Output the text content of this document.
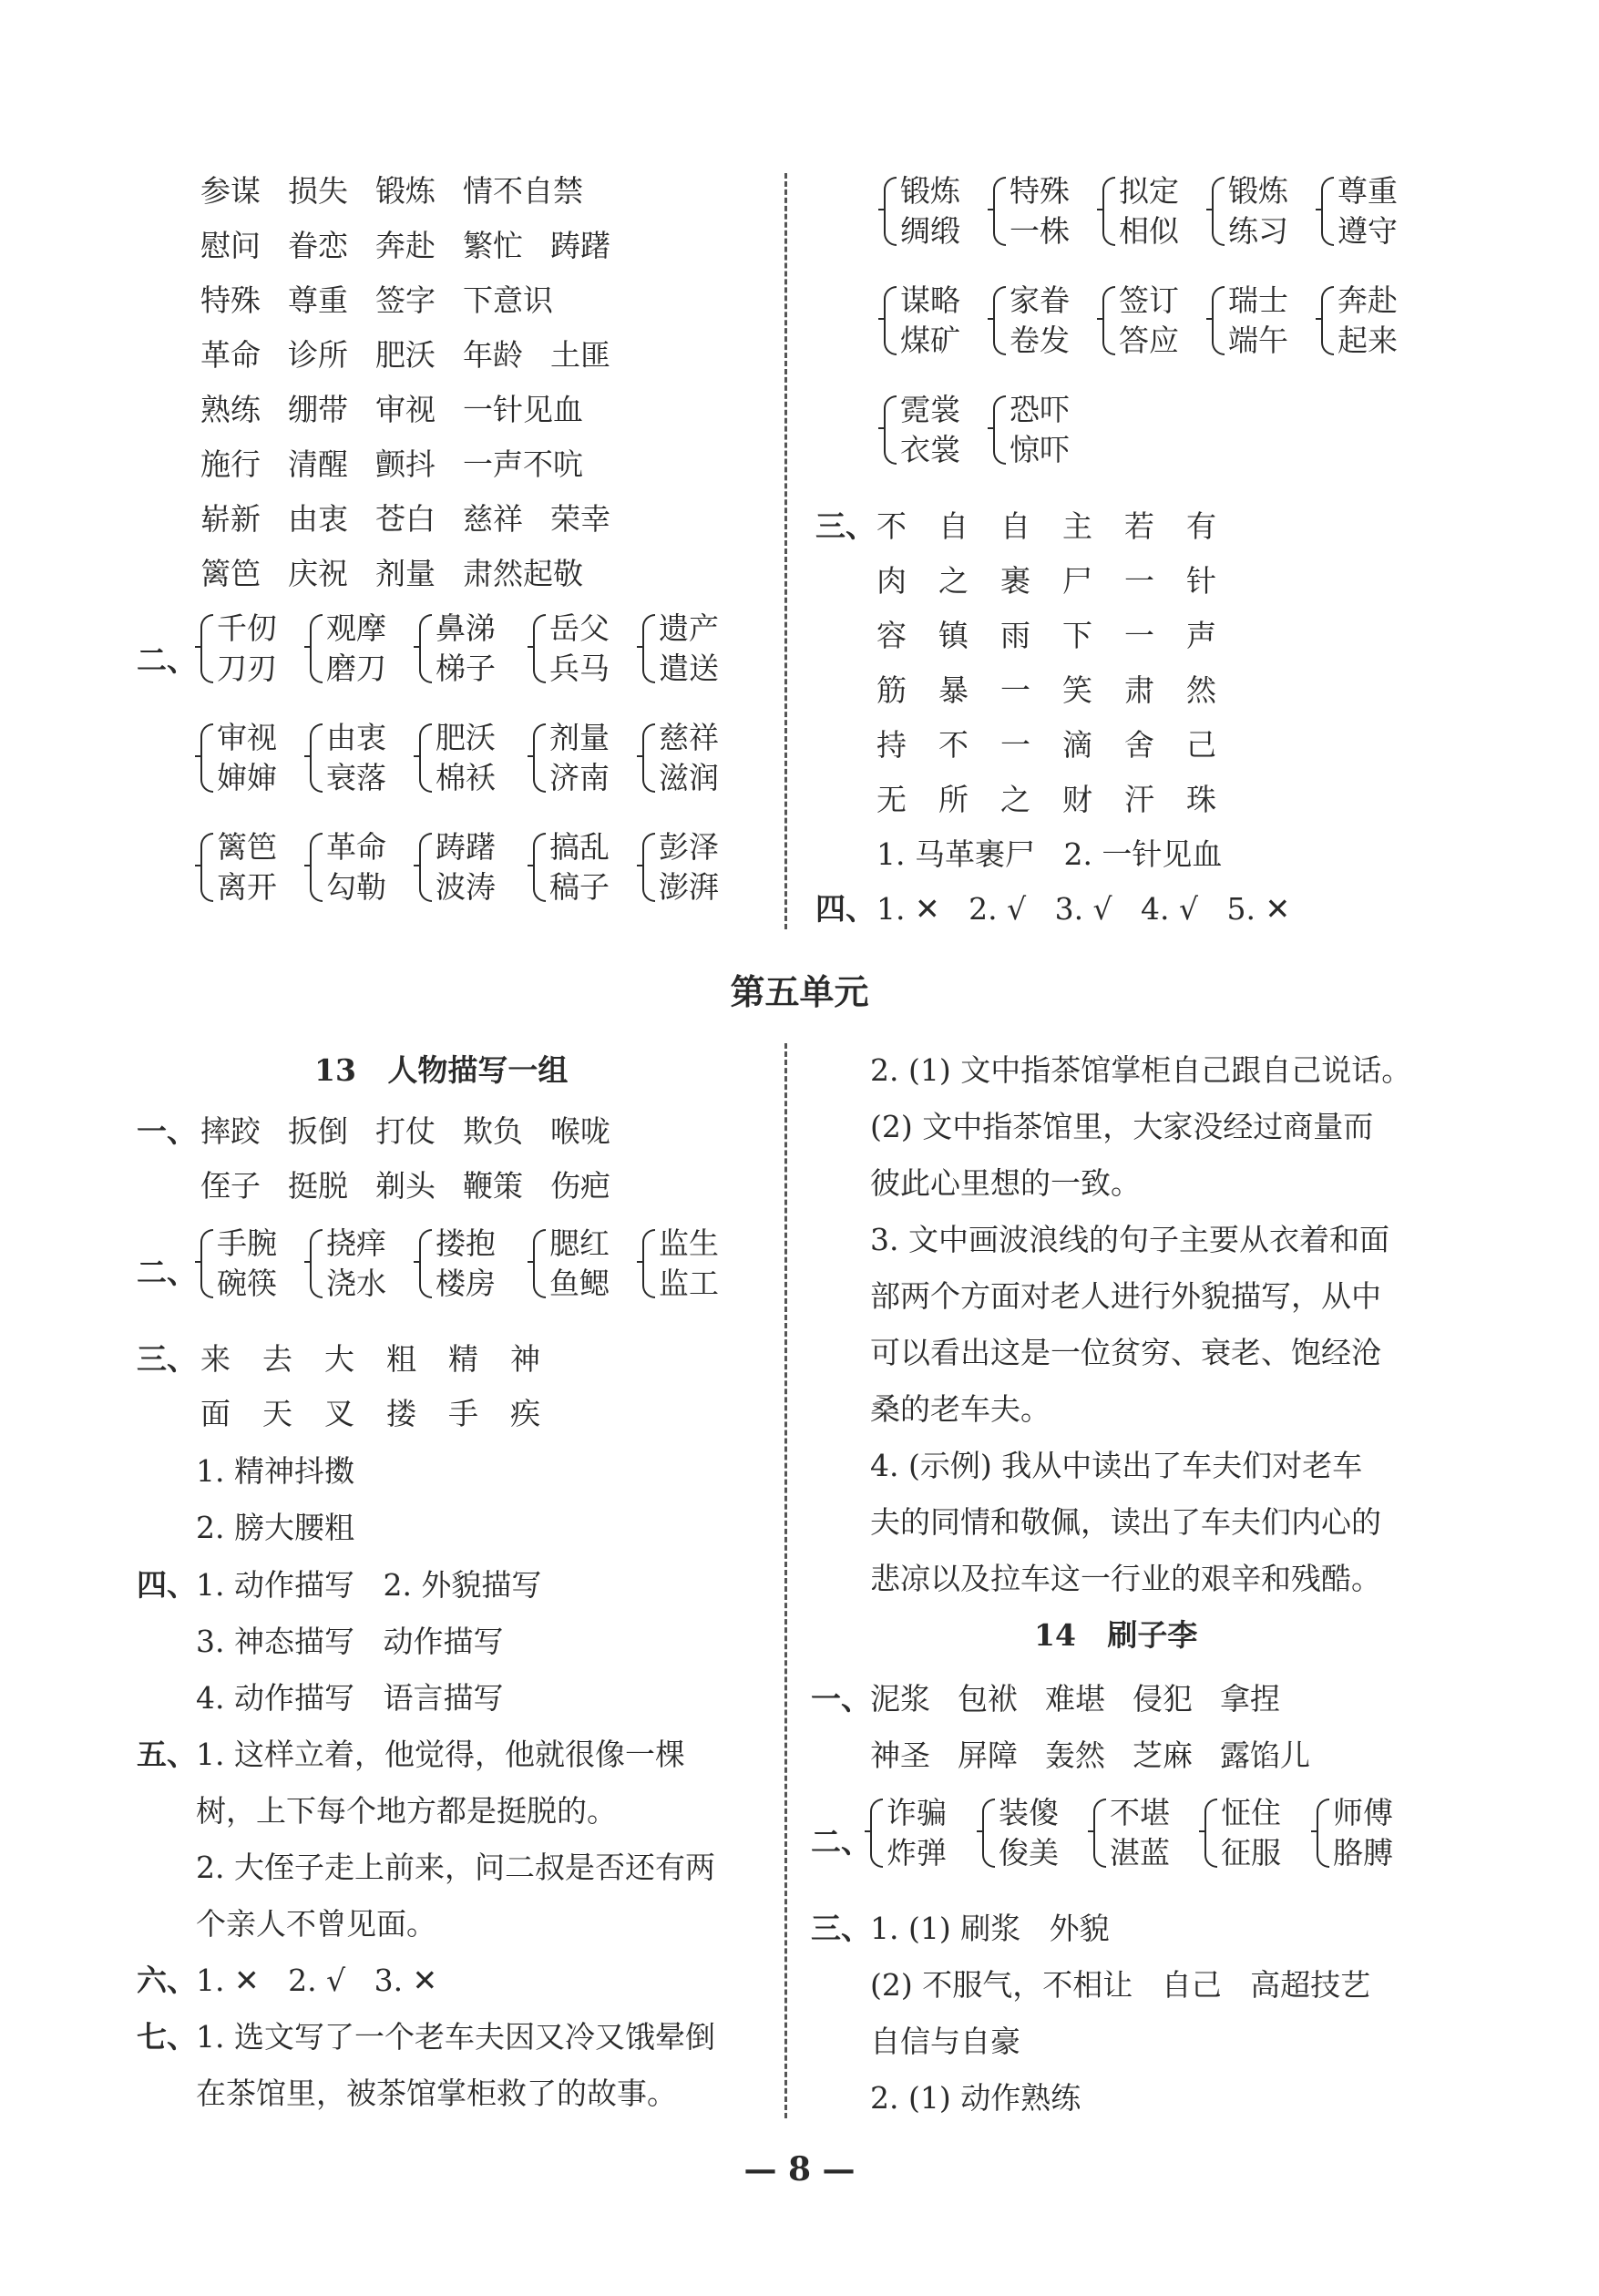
参谋 损失 锻炼 情不自禁
慰问 眷恋 奔赴 繁忙 踌躇
特殊 尊重 签字 下意识
革命 诊所 肥沃 年龄 土匪
熟练 绷带 审视 一针见血
施行 清醒 颤抖 一声不吭
崭新 由衷 苍白 慈祥 荣幸
篱笆 庆祝 剂量 肃然起敬
二、
千仞
刀刃
观摩
磨刀
鼻涕
梯子
岳父
兵马
遗产
遣送
审视
婶婶
由衷
衰落
肥沃
棉袄
剂量
济南
慈祥
滋润
篱笆
离开
革命
勾勒
踌躇
波涛
搞乱
稿子
彭泽
澎湃
锻炼
绸缎
特殊
一株
拟定
相似
锻炼
练习
尊重
遵守
谋略
煤矿
家眷
卷发
签订
答应
瑞士
端午
奔赴
起来
霓裳
衣裳
恐吓
惊吓
三、 不 自 自 主 若 有
肉 之 裹 尸 一 针
容 镇 雨 下 一 声
筋 暴 一 笑 肃 然
持 不 一 滴 舍 己
无 所 之 财 汗 珠
1. 马革裹尸   2. 一针见血
四、 1. ✕   2. √   3. √   4. √   5. ✕
第五单元
13 人物描写一组
一、 摔跤 扳倒 打仗 欺负 喉咙
侄子 挺脱 剃头 鞭策 伤疤
二、
手腕
碗筷
挠痒
浇水
搂抱
楼房
腮红
鱼鳃
监生
监工
三、 来 去 大 粗 精 神
面 天 叉 搂 手 疾
1. 精神抖擞
2. 膀大腰粗
四、 1. 动作描写   2. 外貌描写
3. 神态描写   动作描写
4. 动作描写   语言描写
五、 1. 这样立着，他觉得，他就很像一棵
树，上下每个地方都是挺脱的。
2. 大侄子走上前来，问二叔是否还有两
个亲人不曾见面。
六、 1. ✕   2. √   3. ✕
七、 1. 选文写了一个老车夫因又冷又饿晕倒
在茶馆里，被茶馆掌柜救了的故事。
2. (1) 文中指茶馆掌柜自己跟自己说话。
(2) 文中指茶馆里，大家没经过商量而
彼此心里想的一致。
3. 文中画波浪线的句子主要从衣着和面
部两个方面对老人进行外貌描写，从中
可以看出这是一位贫穷、衰老、饱经沧
桑的老车夫。
4. (示例) 我从中读出了车夫们对老车
夫的同情和敬佩，读出了车夫们内心的
悲凉以及拉车这一行业的艰辛和残酷。
14 刷子李
一、 泥浆 包袱 难堪 侵犯 拿捏
神圣 屏障 轰然 芝麻 露馅儿
二、
诈骗
炸弹
装傻
俊美
不堪
湛蓝
怔住
征服
师傅
胳膊
三、 1. (1) 刷浆   外貌
(2) 不服气，不相让   自己   高超技艺
自信与自豪
2. (1) 动作熟练
— 8 —
